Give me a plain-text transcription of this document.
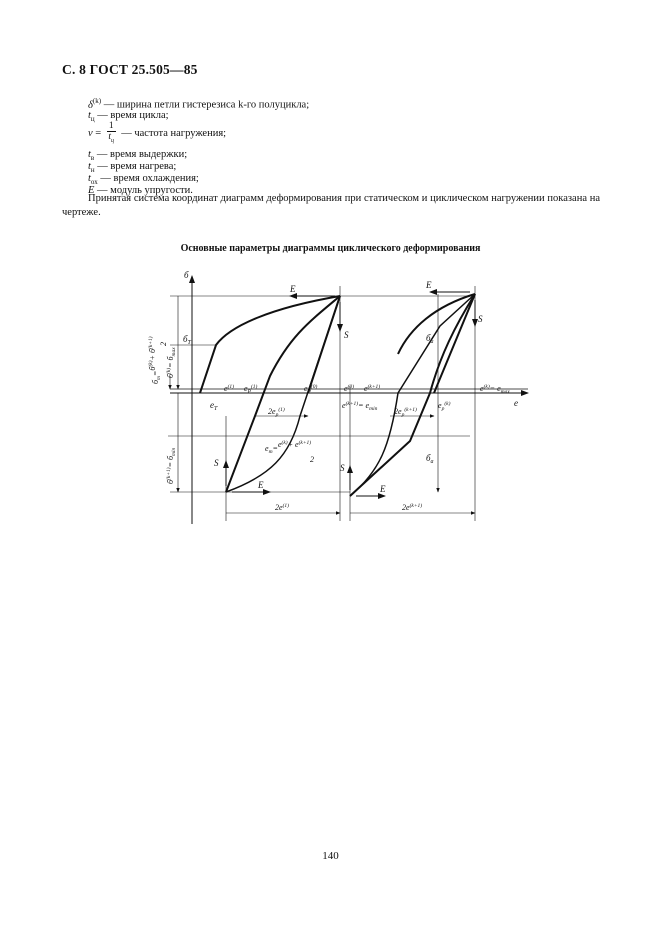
С. 8 ГОСТ 25.505—85
$\delta^{(k)}$ — ширина петли гистерезиса k-го полуцикла;
$t_ц$ — время цикла;
$\nu = \frac{1}{t_ц}$ — частота нагружения;
$t_в$ — время выдержки;
$t_н$ — время нагрева;
$t_{ох}$ — время охлаждения;
E — модуль упругости.
Принятая система координат диаграмм деформирования при статическом и циклическом нагружении показана на чертеже.
Основные параметры диаграммы циклического деформирования
б
e
$б_T$
$e_T$
$e^{(1)}$ $e_P^{(1)}$	$e_P^{(0)}$	$e^{(0)}$ $e^{(k+1)}$	$e^{(k)}= e_{max}$
$e^{(k+1)}= e_{min}$	$e_p^{(k)}$
$2e_p^{(1)}$	$2e_p^{(k+1)}$
$e_m=e^{(k)}+ e^{(k+1)}$
2
$2e^{(1)}$	$2e^{(k+1)}$
E	E
E	E
S
S
S	S
$б_a$
$б_a$
$б^{(k)}= б_{max}$
$б_m=б^{(k)}+ б^{(k+1)}$ 2
$б^{(k+1)}= б_{min}$
140
